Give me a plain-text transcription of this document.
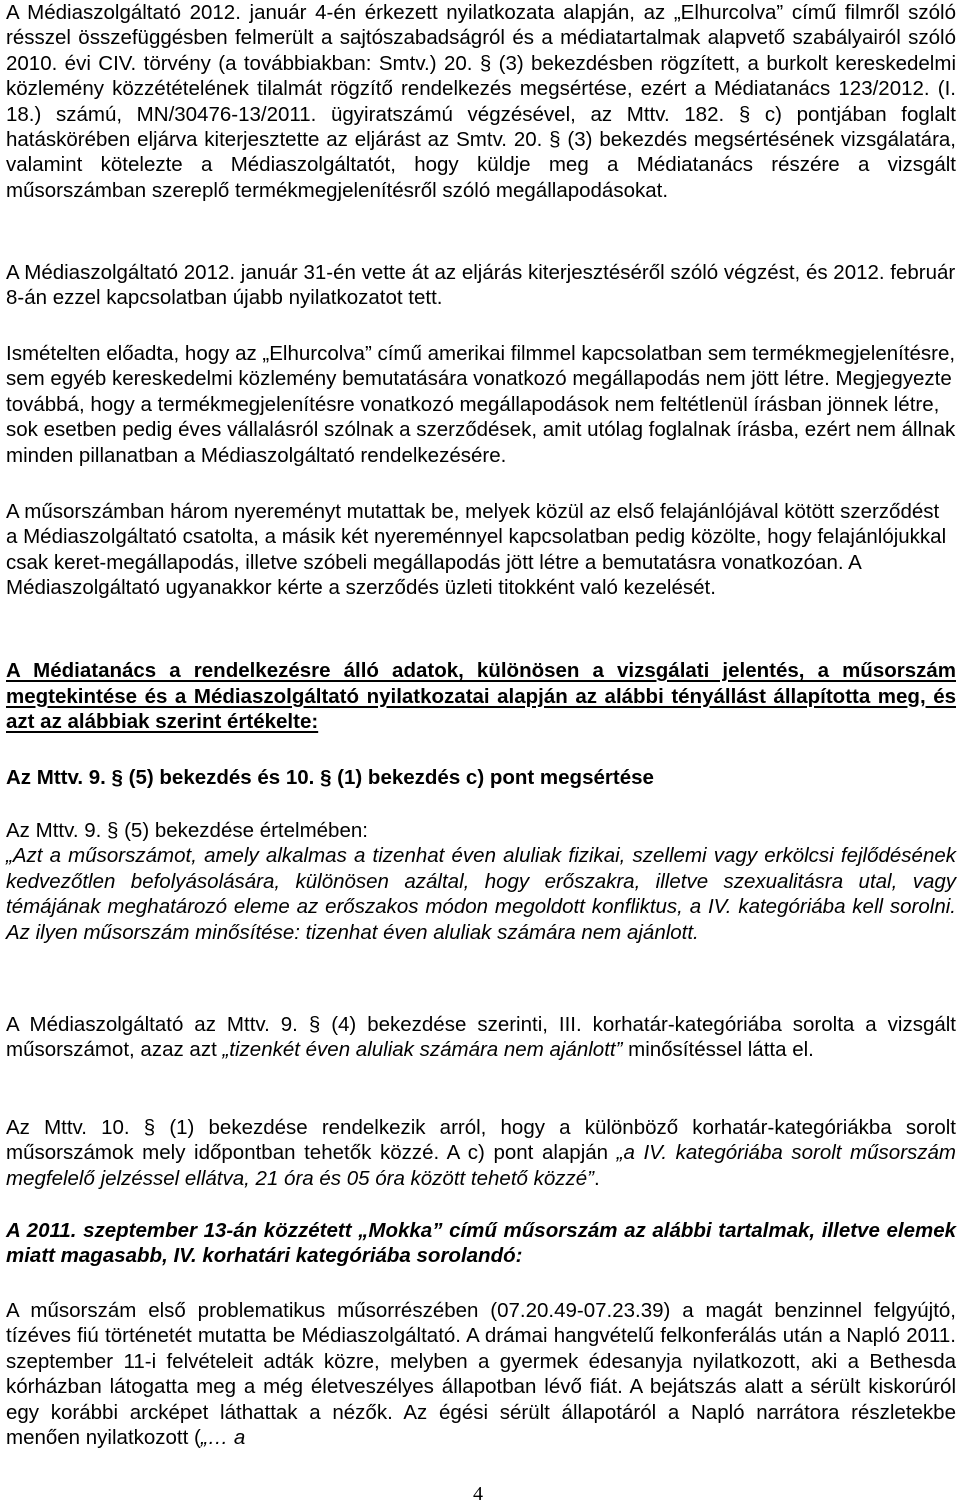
A Médiaszolgáltató 2012. január 4-én érkezett nyilatkozata alapján, az „Elhurcolva” című filmről szóló résszel összefüggésben felmerült a sajtószabadságról és a médiatartalmak alapvető szabályairól szóló 2010. évi CIV. törvény (a továbbiakban: Smtv.) 20. § (3) bekezdésben rögzített, a burkolt kereskedelmi közlemény közzétételének tilalmát rögzítő rendelkezés megsértése, ezért a Médiatanács 123/2012. (I. 18.) számú, MN/30476-13/2011. ügyiratszámú végzésével, az Mttv. 182. § c) pontjában foglalt hatáskörében eljárva kiterjesztette az eljárást az Smtv. 20. § (3) bekezdés megsértésének vizsgálatára, valamint kötelezte a Médiaszolgáltatót, hogy küldje meg a Médiatanács részére a vizsgált műsorszámban szereplő termékmegjelenítésről szóló megállapodásokat.

A Médiaszolgáltató 2012. január 31-én vette át az eljárás kiterjesztéséről szóló végzést, és 2012. február 8-án ezzel kapcsolatban újabb nyilatkozatot tett.

Ismételten előadta, hogy az „Elhurcolva” című amerikai filmmel kapcsolatban sem termékmegjelenítésre, sem egyéb kereskedelmi közlemény bemutatására vonatkozó megállapodás nem jött létre. Megjegyezte továbbá, hogy a termékmegjelenítésre vonatkozó megállapodások nem feltétlenül írásban jönnek létre, sok esetben pedig éves vállalásról szólnak a szerződések, amit utólag foglalnak írásba, ezért nem állnak minden pillanatban a Médiaszolgáltató rendelkezésére.

A műsorszámban három nyereményt mutattak be, melyek közül az első felajánlójával kötött szerződést a Médiaszolgáltató csatolta, a másik két nyereménnyel kapcsolatban pedig közölte, hogy felajánlójukkal csak keret-megállapodás, illetve szóbeli megállapodás jött létre a bemutatásra vonatkozóan. A Médiaszolgáltató ugyanakkor kérte a szerződés üzleti titokként való kezelését.

A Médiatanács a rendelkezésre álló adatok, különösen a vizsgálati jelentés, a műsorszám megtekintése és a Médiaszolgáltató nyilatkozatai alapján az alábbi tényállást állapította meg, és azt az alábbiak szerint értékelte:

Az Mttv. 9. § (5) bekezdés és 10. § (1) bekezdés c) pont megsértése

Az Mttv. 9. § (5) bekezdése értelmében:

„Azt a műsorszámot, amely alkalmas a tizenhat éven aluliak fizikai, szellemi vagy erkölcsi fejlődésének kedvezőtlen befolyásolására, különösen azáltal, hogy erőszakra, illetve szexualitásra utal, vagy témájának meghatározó eleme az erőszakos módon megoldott konfliktus, a IV. kategóriába kell sorolni. Az ilyen műsorszám minősítése: tizenhat éven aluliak számára nem ajánlott.

A Médiaszolgáltató az Mttv. 9. § (4) bekezdése szerinti, III. korhatár-kategóriába sorolta a vizsgált műsorszámot, azaz azt „tizenkét éven aluliak számára nem ajánlott” minősítéssel látta el.

Az Mttv. 10. § (1) bekezdése rendelkezik arról, hogy a különböző korhatár-kategóriákba sorolt műsorszámok mely időpontban tehetők közzé. A c) pont alapján „a IV. kategóriába sorolt műsorszám megfelelő jelzéssel ellátva, 21 óra és 05 óra között tehető közzé”.

A 2011. szeptember 13-án közzétett „Mokka” című műsorszám az alábbi tartalmak, illetve elemek miatt magasabb, IV. korhatári kategóriába sorolandó:

A műsorszám első problematikus műsorrészében (07.20.49-07.23.39) a magát benzinnel felgyújtó, tízéves fiú történetét mutatta be Médiaszolgáltató. A drámai hangvételű felkonferálás után a Napló 2011. szeptember 11-i felvételeit adták közre, melyben a gyermek édesanyja nyilatkozott, aki a Bethesda kórházban látogatta meg a még életveszélyes állapotban lévő fiát. A bejátszás alatt a sérült kiskorúról egy korábbi arcképet láthattak a nézők. Az égési sérült állapotáról a Napló narrátora részletekbe menően nyilatkozott („… a

4
